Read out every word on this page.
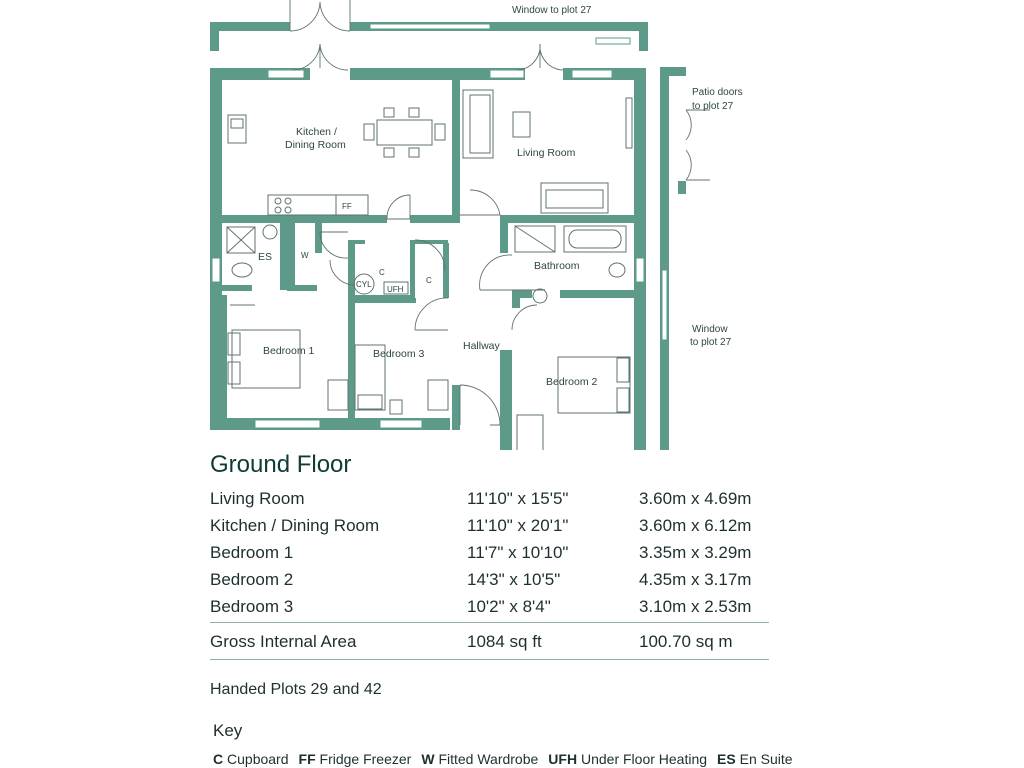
Window to plot 27
Patio doors
to plot 27
Window
to plot 27
Kitchen /
Dining Room
Living Room
Bathroom
Hallway
Bedroom 1	Bedroom 3
Bedroom 2
ES	W
C
C
CYL
UFH
FF
Ground Floor
Living Room	11'10" x 15'5"	3.60m x 4.69m
Kitchen / Dining Room	11'10" x 20'1"	3.60m x 6.12m
Bedroom 1	11'7" x 10'10"	3.35m x 3.29m
Bedroom 2	14'3" x 10'5"	4.35m x 3.17m
Bedroom 3	10'2" x 8'4"	3.10m x 2.53m
Gross Internal Area	1084 sq ft	100.70 sq m
Handed Plots 29 and 42
Key
C Cupboard FF Fridge Freezer W Fitted Wardrobe UFH Under Floor Heating ES En Suite
